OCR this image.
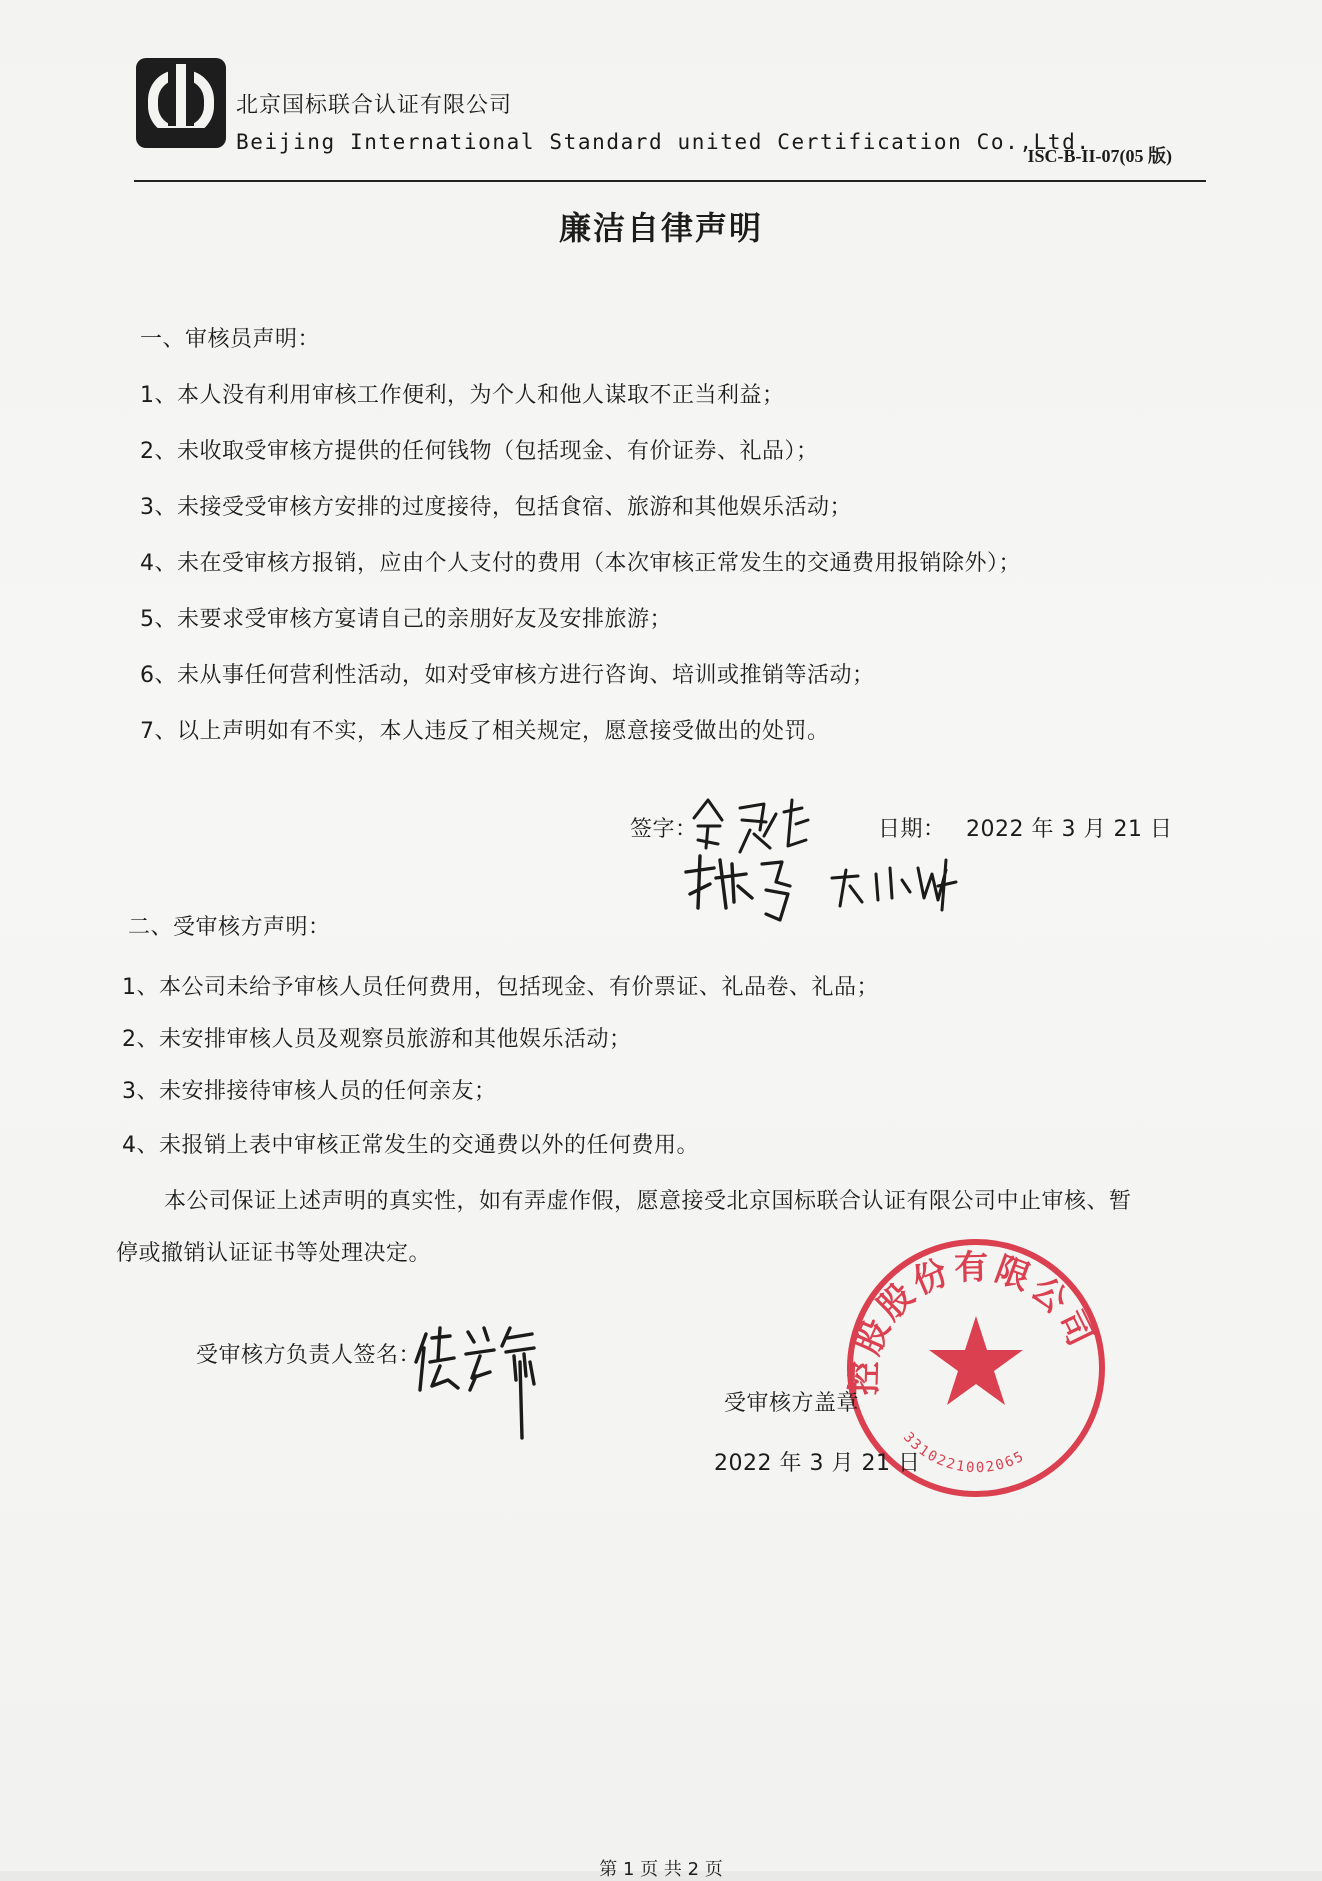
北京国标联合认证有限公司
Beijing International Standard united Certification Co.,Ltd.
ISC-B-II-07(05 版)
廉洁自律声明
一、审核员声明：
1、本人没有利用审核工作便利，为个人和他人谋取不正当利益；
2、未收取受审核方提供的任何钱物（包括现金、有价证券、礼品）；
3、未接受受审核方安排的过度接待，包括食宿、旅游和其他娱乐活动；
4、未在受审核方报销，应由个人支付的费用（本次审核正常发生的交通费用报销除外）；
5、未要求受审核方宴请自己的亲朋好友及安排旅游；
6、未从事任何营利性活动，如对受审核方进行咨询、培训或推销等活动；
7、以上声明如有不实，本人违反了相关规定，愿意接受做出的处罚。
签字：	日期： 2022 年 3 月 21 日
二、受审核方声明：
1、本公司未给予审核人员任何费用，包括现金、有价票证、礼品卷、礼品；
2、未安排审核人员及观察员旅游和其他娱乐活动；
3、未安排接待审核人员的任何亲友；
4、未报销上表中审核正常发生的交通费以外的任何费用。
本公司保证上述声明的真实性，如有弄虚作假，愿意接受北京国标联合认证有限公司中止审核、暂
停或撤销认证证书等处理决定。
受审核方负责人签名：
控股股份有限公司
3310221002065
受审核方盖章
2022 年 3 月 21 日
第 1 页 共 2 页
